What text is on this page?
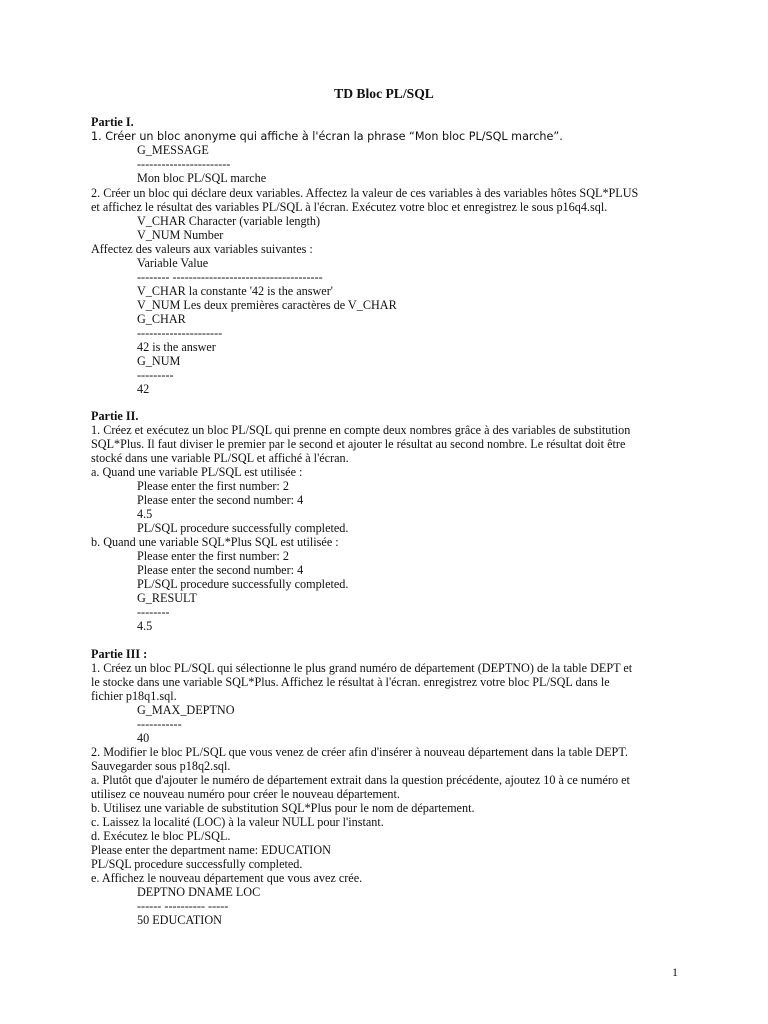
TD Bloc PL/SQL
Partie I.
1. Créer un bloc anonyme qui affiche à l'écran la phrase “Mon bloc PL/SQL marche”.
G_MESSAGE
-----------------------
Mon bloc PL/SQL marche
2. Créer un bloc qui déclare deux variables. Affectez la valeur de ces variables à des variables hôtes SQL*PLUS
et affichez le résultat des variables PL/SQL à l'écran. Exécutez votre bloc et enregistrez le sous p16q4.sql.
V_CHAR Character (variable length)
V_NUM Number
Affectez des valeurs aux variables suivantes :
Variable Value
-------- -------------------------------------
V_CHAR la constante '42 is the answer'
V_NUM Les deux premières caractères de V_CHAR
G_CHAR
---------------------
42 is the answer
G_NUM
---------
42
Partie II.
1. Créez et exécutez un bloc PL/SQL qui prenne en compte deux nombres grâce à des variables de substitution
SQL*Plus. Il faut diviser le premier par le second et ajouter le résultat au second nombre. Le résultat doit être
stocké dans une variable PL/SQL et affiché à l'écran.
a. Quand une variable PL/SQL est utilisée :
Please enter the first number: 2
Please enter the second number: 4
4.5
PL/SQL procedure successfully completed.
b. Quand une variable SQL*Plus SQL est utilisée :
Please enter the first number: 2
Please enter the second number: 4
PL/SQL procedure successfully completed.
G_RESULT
--------
4.5
Partie III :
1. Créez un bloc PL/SQL qui sélectionne le plus grand numéro de département (DEPTNO) de la table DEPT et
le stocke dans une variable SQL*Plus. Affichez le résultat à l'écran. enregistrez votre bloc PL/SQL dans le
fichier p18q1.sql.
G_MAX_DEPTNO
-----------
40
2. Modifier le bloc PL/SQL que vous venez de créer afin d'insérer à nouveau département dans la table DEPT.
Sauvegarder sous p18q2.sql.
a. Plutôt que d'ajouter le numéro de département extrait dans la question précédente, ajoutez 10 à ce numéro et
utilisez ce nouveau numéro pour créer le nouveau département.
b. Utilisez une variable de substitution SQL*Plus pour le nom de département.
c. Laissez la localité (LOC) à la valeur NULL pour l'instant.
d. Exécutez le bloc PL/SQL.
Please enter the department name: EDUCATION
PL/SQL procedure successfully completed.
e. Affichez le nouveau département que vous avez crée.
DEPTNO DNAME LOC
------ ---------- -----
50 EDUCATION
1
